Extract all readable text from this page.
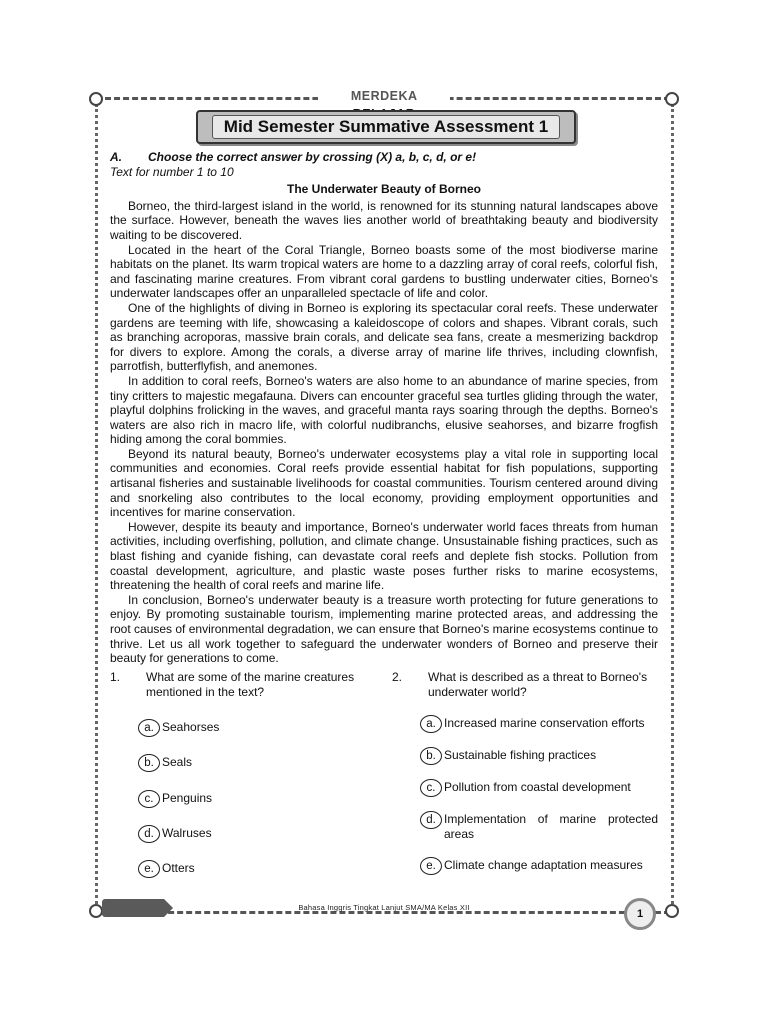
MERDEKA
Mid Semester Summative Assessment 1
A. Choose the correct answer by crossing (X) a, b, c, d, or e!
Text for number 1 to 10
The Underwater Beauty of Borneo

Borneo, the third-largest island in the world, is renowned for its stunning natural landscapes above the surface. However, beneath the waves lies another world of breathtaking beauty and biodiversity waiting to be discovered.

Located in the heart of the Coral Triangle, Borneo boasts some of the most biodiverse marine habitats on the planet. Its warm tropical waters are home to a dazzling array of coral reefs, colorful fish, and fascinating marine creatures. From vibrant coral gardens to bustling underwater cities, Borneo's underwater landscapes offer an unparalleled spectacle of life and color.

One of the highlights of diving in Borneo is exploring its spectacular coral reefs. These underwater gardens are teeming with life, showcasing a kaleidoscope of colors and shapes. Vibrant corals, such as branching acroporas, massive brain corals, and delicate sea fans, create a mesmerizing backdrop for divers to explore. Among the corals, a diverse array of marine life thrives, including clownfish, parrotfish, butterflyfish, and anemones.

In addition to coral reefs, Borneo's waters are also home to an abundance of marine species, from tiny critters to majestic megafauna. Divers can encounter graceful sea turtles gliding through the water, playful dolphins frolicking in the waves, and graceful manta rays soaring through the depths. Borneo's waters are also rich in macro life, with colorful nudibranchs, elusive seahorses, and bizarre frogfish hiding among the coral bommies.

Beyond its natural beauty, Borneo's underwater ecosystems play a vital role in supporting local communities and economies. Coral reefs provide essential habitat for fish populations, supporting artisanal fisheries and sustainable livelihoods for coastal communities. Tourism centered around diving and snorkeling also contributes to the local economy, providing employment opportunities and incentives for marine conservation.

However, despite its beauty and importance, Borneo's underwater world faces threats from human activities, including overfishing, pollution, and climate change. Unsustainable fishing practices, such as blast fishing and cyanide fishing, can devastate coral reefs and deplete fish stocks. Pollution from coastal development, agriculture, and plastic waste poses further risks to marine ecosystems, threatening the health of coral reefs and marine life.

In conclusion, Borneo's underwater beauty is a treasure worth protecting for future generations to enjoy. By promoting sustainable tourism, implementing marine protected areas, and addressing the root causes of environmental degradation, we can ensure that Borneo's marine ecosystems continue to thrive. Let us all work together to safeguard the underwater wonders of Borneo and preserve their beauty for generations to come.

1. What are some of the marine creatures mentioned in the text?
a. Seahorses
b. Seals
c. Penguins
d. Walruses
e. Otters
2. What is described as a threat to Borneo's underwater world?
a. Increased marine conservation efforts
b. Sustainable fishing practices
c. Pollution from coastal development
d. Implementation of marine protected areas
e. Climate change adaptation measures
Bahasa Inggris Tingkat Lanjut SMA/MA Kelas XII
1
